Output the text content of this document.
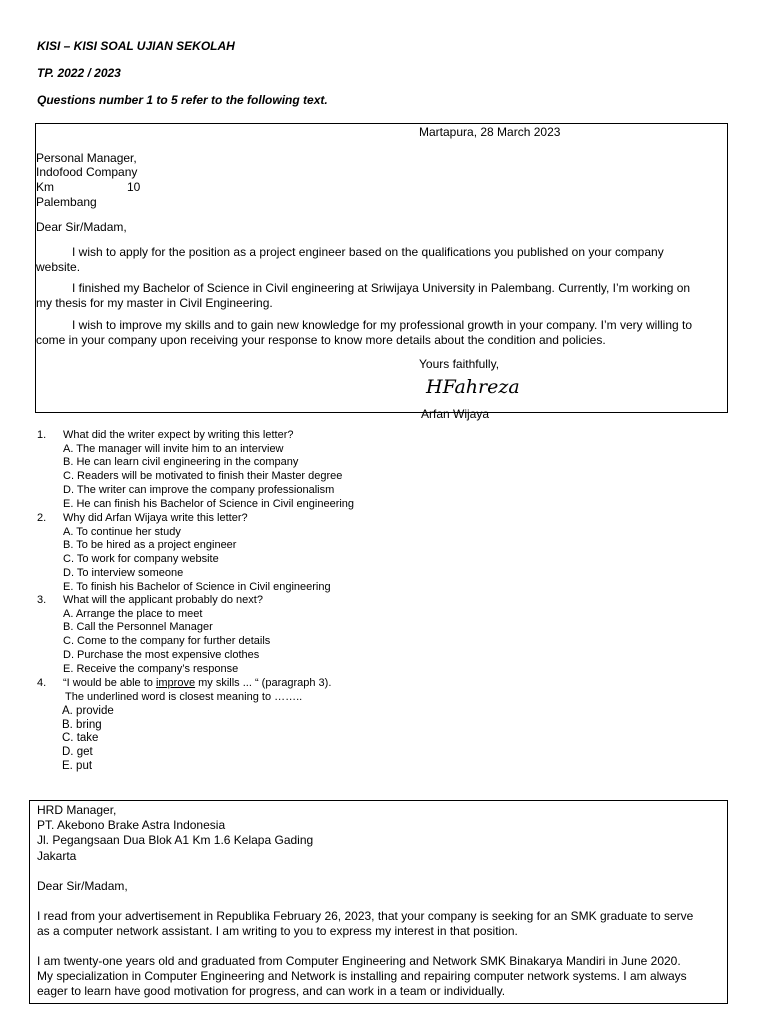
KISI – KISI SOAL UJIAN SEKOLAH
TP. 2022 / 2023
Questions number 1 to 5 refer to the following text.
Martapura, 28 March 2023
Personal Manager,
Indofood Company
Km	10
Palembang
Dear Sir/Madam,
I wish to apply for the position as a project engineer based on the qualifications you published on your company
website.
I finished my Bachelor of Science in Civil engineering at Sriwijaya University in Palembang. Currently, I’m working on
my thesis for my master in Civil Engineering.
I wish to improve my skills and to gain new knowledge for my professional growth in your company. I’m very willing to
come in your company upon receiving your response to know more details about the condition and policies.
Yours faithfully,
HFahreza
Arfan Wijaya
1.	What did the writer expect by writing this letter?
A. The manager will invite him to an interview
B. He can learn civil engineering in the company
C. Readers will be motivated to finish their Master degree
D. The writer can improve the company professionalism
E. He can finish his Bachelor of Science in Civil engineering
2.	Why did Arfan Wijaya write this letter?
A. To continue her study
B. To be hired as a project engineer
C. To work for company website
D. To interview someone
E. To finish his Bachelor of Science in Civil engineering
3.	What will the applicant probably do next?
A. Arrange the place to meet
B. Call the Personnel Manager
C. Come to the company for further details
D. Purchase the most expensive clothes
E. Receive the company’s response
4.	“I would be able to improve my skills ... “ (paragraph 3).
The underlined word is closest meaning to ……..
A. provide
B. bring
C. take
D. get
E. put
HRD Manager,
PT. Akebono Brake Astra Indonesia
Jl. Pegangsaan Dua Blok A1 Km 1.6 Kelapa Gading
Jakarta
Dear Sir/Madam,
I read from your advertisement in Republika February 26, 2023, that your company is seeking for an SMK graduate to serve
as a computer network assistant. I am writing to you to express my interest in that position.
I am twenty-one years old and graduated from Computer Engineering and Network SMK Binakarya Mandiri in June 2020.
My specialization in Computer Engineering and Network is installing and repairing computer network systems. I am always
eager to learn have good motivation for progress, and can work in a team or individually.
